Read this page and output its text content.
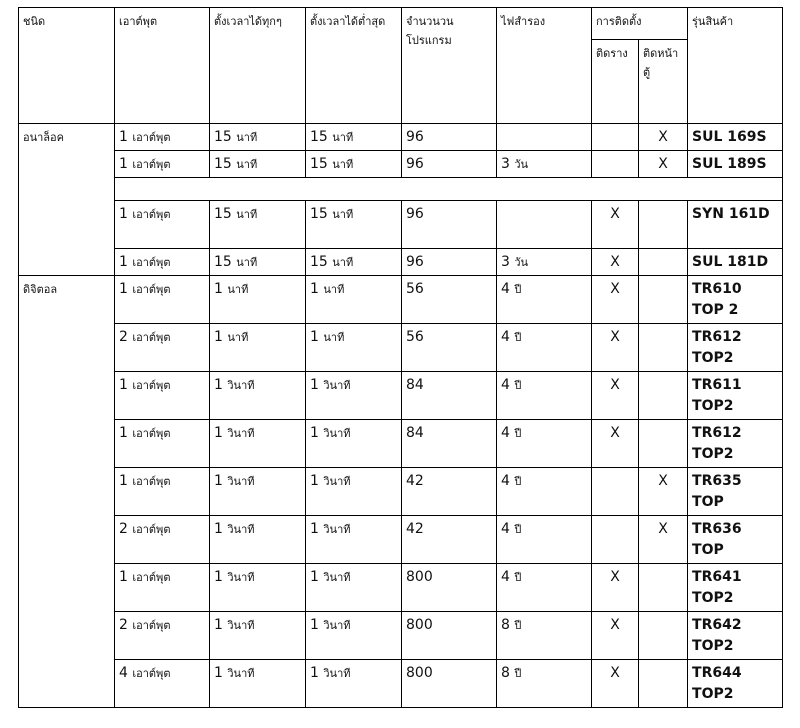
ชนิด	เอาต์พุต	ตั้งเวลาได้ทุกๆ	ตั้งเวลาได้ต่ำสุด	จำนวนวนโปรแกรม	ไฟสำรอง	การติดตั้ง		รุ่นสินค้า
						ติดราง	ติดหน้าตู้	
อนาล็อค	1 เอาต์พุต	15 นาที	15 นาที	96			X	SUL 169S
	1 เอาต์พุต	15 นาที	15 นาที	96	3 วัน		X	SUL 189S

	1 เอาต์พุต	15 นาที	15 นาที	96		X		SYN 161D
	1 เอาต์พุต	15 นาที	15 นาที	96	3 วัน	X		SUL 181D
ดิจิตอล	1 เอาต์พุต	1 นาที	1 นาที	56	4 ปี	X		TR610 TOP 2
	2 เอาต์พุต	1 นาที	1 นาที	56	4 ปี	X		TR612 TOP2
	1 เอาต์พุต	1 วินาที	1 วินาที	84	4 ปี	X		TR611 TOP2
	1 เอาต์พุต	1 วินาที	1 วินาที	84	4 ปี	X		TR612 TOP2
	1 เอาต์พุต	1 วินาที	1 วินาที	42	4 ปี		X	TR635 TOP
	2 เอาต์พุต	1 วินาที	1 วินาที	42	4 ปี		X	TR636 TOP
	1 เอาต์พุต	1 วินาที	1 วินาที	800	4 ปี	X		TR641 TOP2
	2 เอาต์พุต	1 วินาที	1 วินาที	800	8 ปี	X		TR642 TOP2
	4 เอาต์พุต	1 วินาที	1 วินาที	800	8 ปี	X		TR644 TOP2
